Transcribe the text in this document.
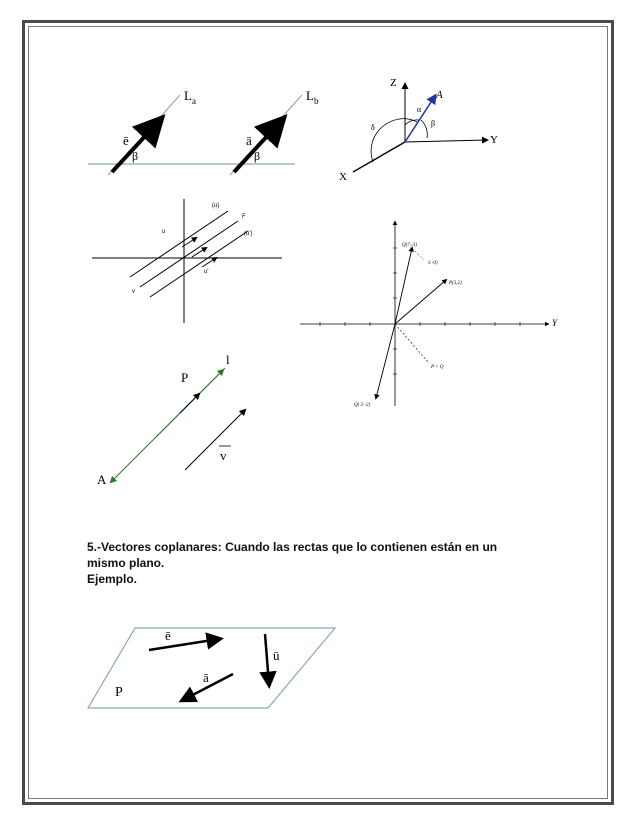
L a
ē
β
L b
ā
β
Z
Y
X
A
α
β
δ
(u)
F
(u')
u
u'
v
Y
Q(7,-3)
3 -0)
P(3,2)
P = Q
Q( 3 -2)
P
l
A
v
5.-Vectores coplanares: Cuando las rectas que lo contienen están en un
mismo plano.
Ejemplo.
ē
ū
ā
P
